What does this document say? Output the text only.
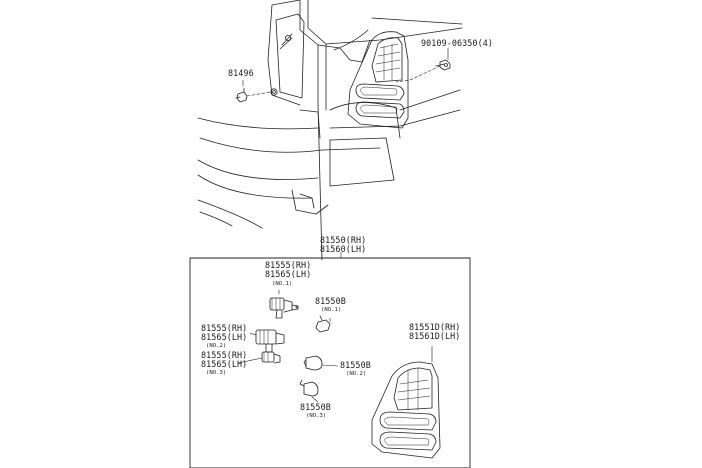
90109-06350(4)
81496
81550(RH)
81560(LH)
81555(RH)
81565(LH)
(NO.1)
81550B
(NO.1)
81555(RH)
81565(LH)
(NO.2)
81555(RH)
81565(LH)
(NO.3)
81550B
(NO.2)
81550B
(NO.3)
81551D(RH)
81561D(LH)
